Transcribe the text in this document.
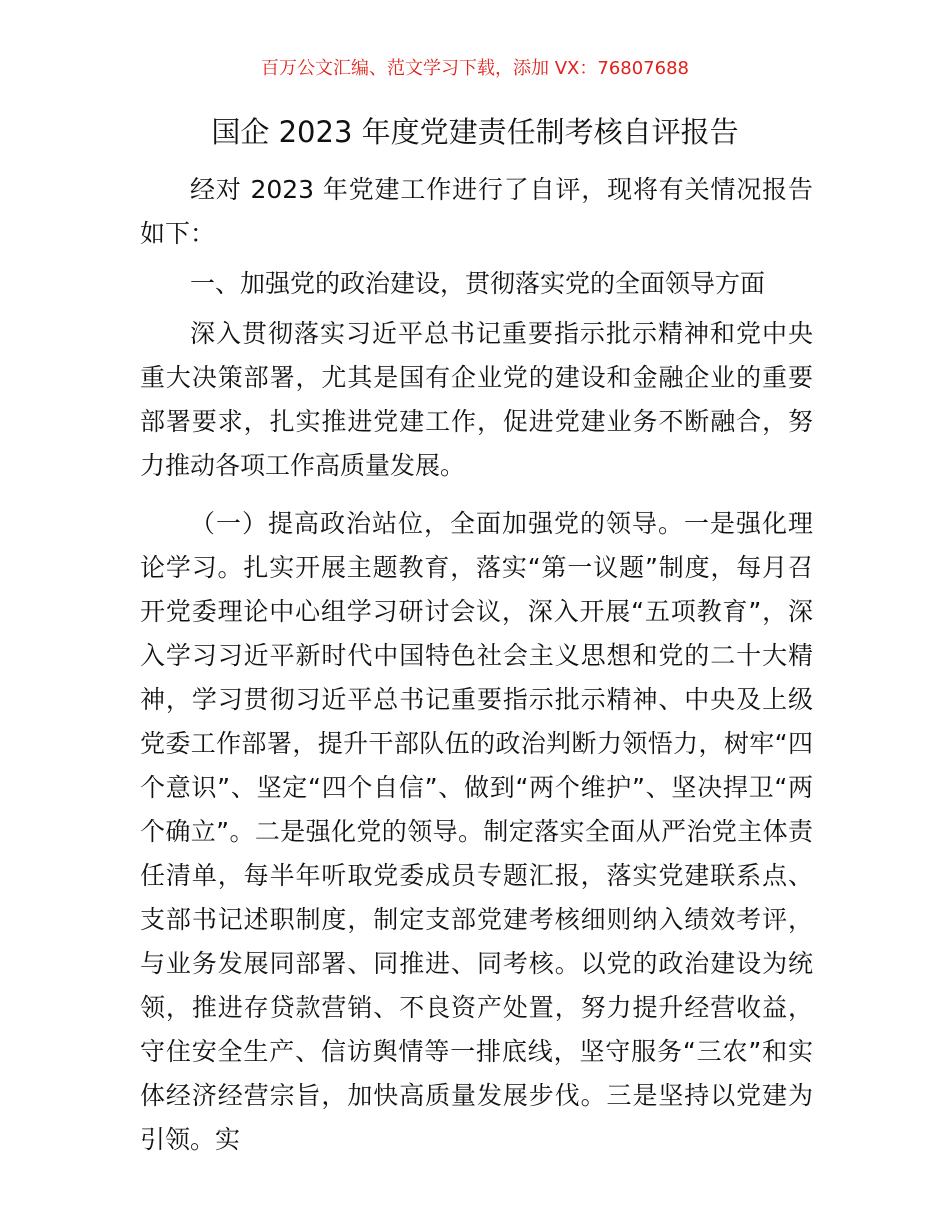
百万公文汇编、范文学习下载，添加 VX：76807688
国企 2023 年度党建责任制考核自评报告

经对 2023 年党建工作进行了自评，现将有关情况报告如下：

一、加强党的政治建设，贯彻落实党的全面领导方面

深入贯彻落实习近平总书记重要指示批示精神和党中央重大决策部署，尤其是国有企业党的建设和金融企业的重要部署要求，扎实推进党建工作，促进党建业务不断融合，努力推动各项工作高质量发展。

（一）提高政治站位，全面加强党的领导。一是强化理论学习。扎实开展主题教育，落实“第一议题”制度，每月召开党委理论中心组学习研讨会议，深入开展“五项教育”，深入学习习近平新时代中国特色社会主义思想和党的二十大精神，学习贯彻习近平总书记重要指示批示精神、中央及上级党委工作部署，提升干部队伍的政治判断力领悟力，树牢“四个意识”、坚定“四个自信”、做到“两个维护”、坚决捍卫“两个确立”。二是强化党的领导。制定落实全面从严治党主体责任清单，每半年听取党委成员专题汇报，落实党建联系点、支部书记述职制度，制定支部党建考核细则纳入绩效考评，与业务发展同部署、同推进、同考核。以党的政治建设为统领，推进存贷款营销、不良资产处置，努力提升经营收益，守住安全生产、信访舆情等一排底线，坚守服务“三农”和实体经济经营宗旨，加快高质量发展步伐。三是坚持以党建为引领。实
